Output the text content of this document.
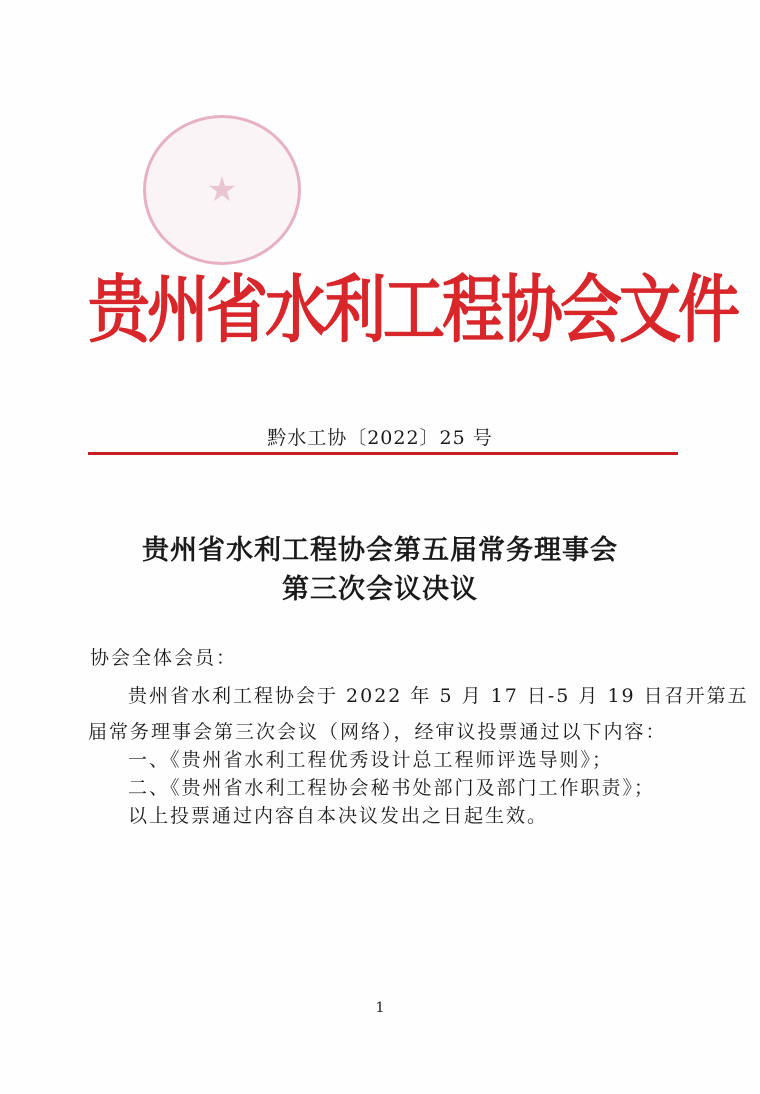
★
贵州省水利工程协会文件
黔水工协〔2022〕25 号
贵州省水利工程协会第五届常务理事会
第三次会议决议
协会全体会员：
贵州省水利工程协会于 2022 年 5 月 17 日-5 月 19 日召开第五
届常务理事会第三次会议（网络），经审议投票通过以下内容：
一、《贵州省水利工程优秀设计总工程师评选导则》；
二、《贵州省水利工程协会秘书处部门及部门工作职责》；
以上投票通过内容自本决议发出之日起生效。
1
